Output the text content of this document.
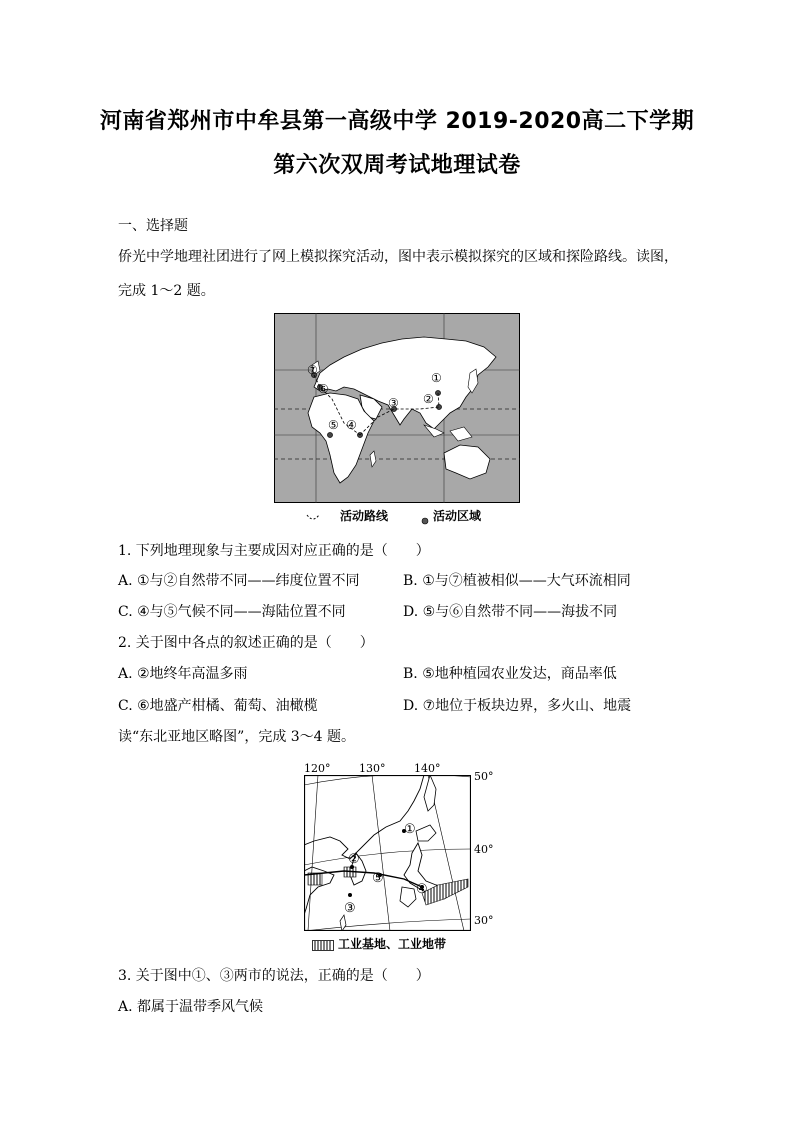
河南省郑州市中牟县第一高级中学 2019-2020高二下学期
第六次双周考试地理试卷
一、选择题
侨光中学地理社团进行了网上模拟探究活动，图中表示模拟探究的区域和探险路线。读图，
完成 1～2 题。
①
②
③
④
⑤
⑥
⑦
活动路线	活动区域
1. 下列地理现象与主要成因对应正确的是（　　）
A. ①与②自然带不同——纬度位置不同	B. ①与⑦植被相似——大气环流相同
C. ④与⑤气候不同——海陆位置不同	D. ⑤与⑥自然带不同——海拔不同
2. 关于图中各点的叙述正确的是（　　）
A. ②地终年高温多雨	B. ⑤地种植园农业发达，商品率低
C. ⑥地盛产柑橘、葡萄、油橄榄	D. ⑦地位于板块边界，多火山、地震
读“东北亚地区略图”，完成 3～4 题。
120°	130°	140°
50°
40°
30°
①
②
③
④
⑤
工业基地、工业地带
3. 关于图中①、③两市的说法，正确的是（　　）
A. 都属于温带季风气候
